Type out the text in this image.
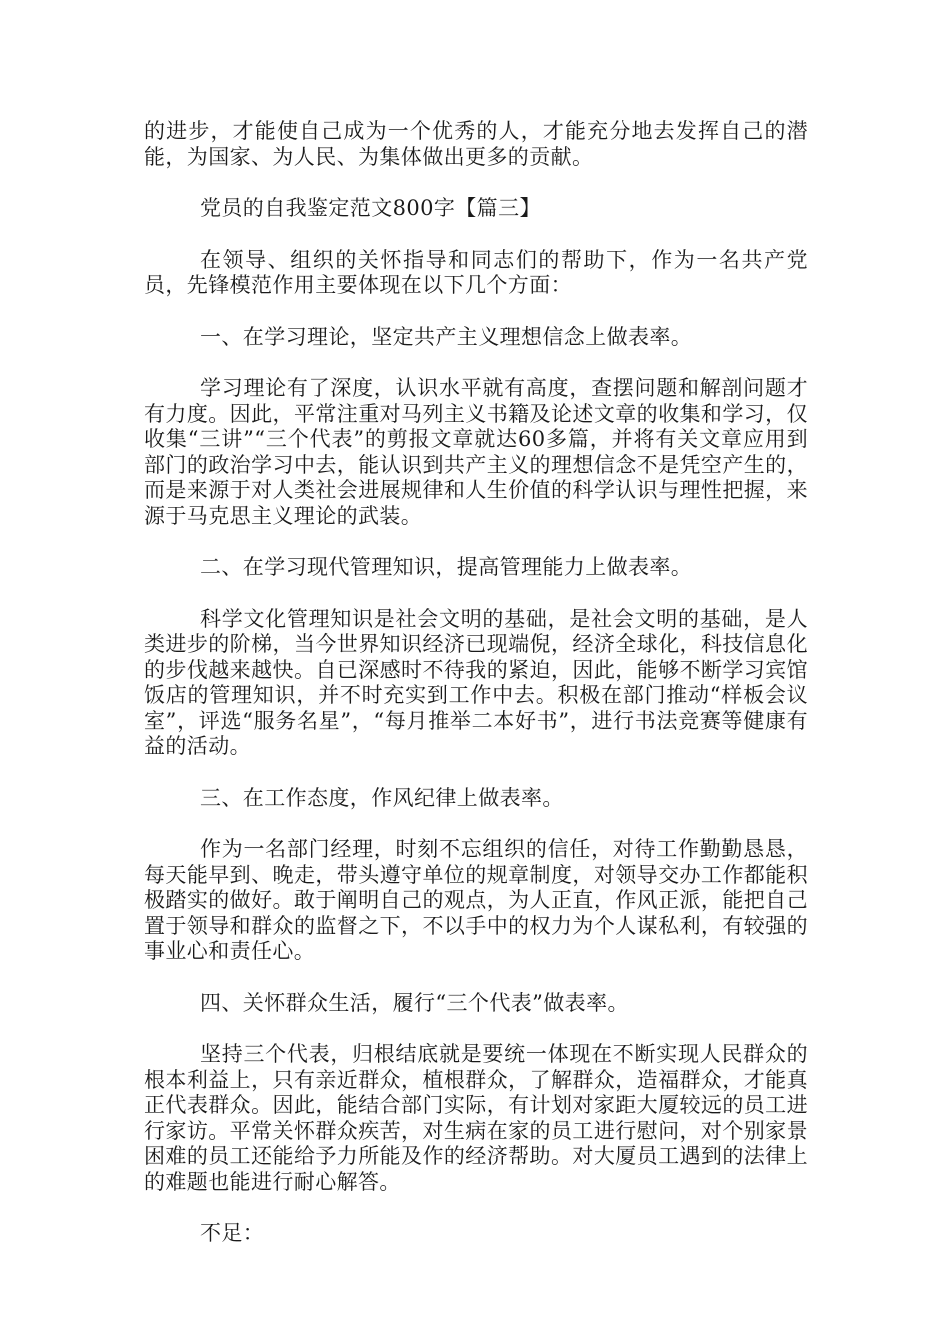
的进步，才能使自己成为一个优秀的人，才能充分地去发挥自己的潜能，为国家、为人民、为集体做出更多的贡献。

党员的自我鉴定范文800字【篇三】

在领导、组织的关怀指导和同志们的帮助下，作为一名共产党员，先锋模范作用主要体现在以下几个方面：

一、在学习理论，坚定共产主义理想信念上做表率。

学习理论有了深度，认识水平就有高度，查摆问题和解剖问题才有力度。因此，平常注重对马列主义书籍及论述文章的收集和学习，仅收集“三讲”“三个代表”的剪报文章就达60多篇，并将有关文章应用到部门的政治学习中去，能认识到共产主义的理想信念不是凭空产生的，而是来源于对人类社会进展规律和人生价值的科学认识与理性把握，来源于马克思主义理论的武装。

二、在学习现代管理知识，提高管理能力上做表率。

科学文化管理知识是社会文明的基础，是社会文明的基础，是人类进步的阶梯，当今世界知识经济已现端倪，经济全球化，科技信息化的步伐越来越快。自已深感时不待我的紧迫，因此，能够不断学习宾馆饭店的管理知识，并不时充实到工作中去。积极在部门推动“样板会议室”，评选“服务名星”，“每月推举二本好书”，进行书法竞赛等健康有益的活动。

三、在工作态度，作风纪律上做表率。

作为一名部门经理，时刻不忘组织的信任，对待工作勤勤恳恳，每天能早到、晚走，带头遵守单位的规章制度，对领导交办工作都能积极踏实的做好。敢于阐明自己的观点，为人正直，作风正派，能把自己置于领导和群众的监督之下，不以手中的权力为个人谋私利，有较强的事业心和责任心。

四、关怀群众生活，履行“三个代表”做表率。

坚持三个代表，归根结底就是要统一体现在不断实现人民群众的根本利益上，只有亲近群众，植根群众，了解群众，造福群众，才能真正代表群众。因此，能结合部门实际，有计划对家距大厦较远的员工进行家访。平常关怀群众疾苦，对生病在家的员工进行慰问，对个别家景困难的员工还能给予力所能及作的经济帮助。对大厦员工遇到的法律上的难题也能进行耐心解答。

不足：
